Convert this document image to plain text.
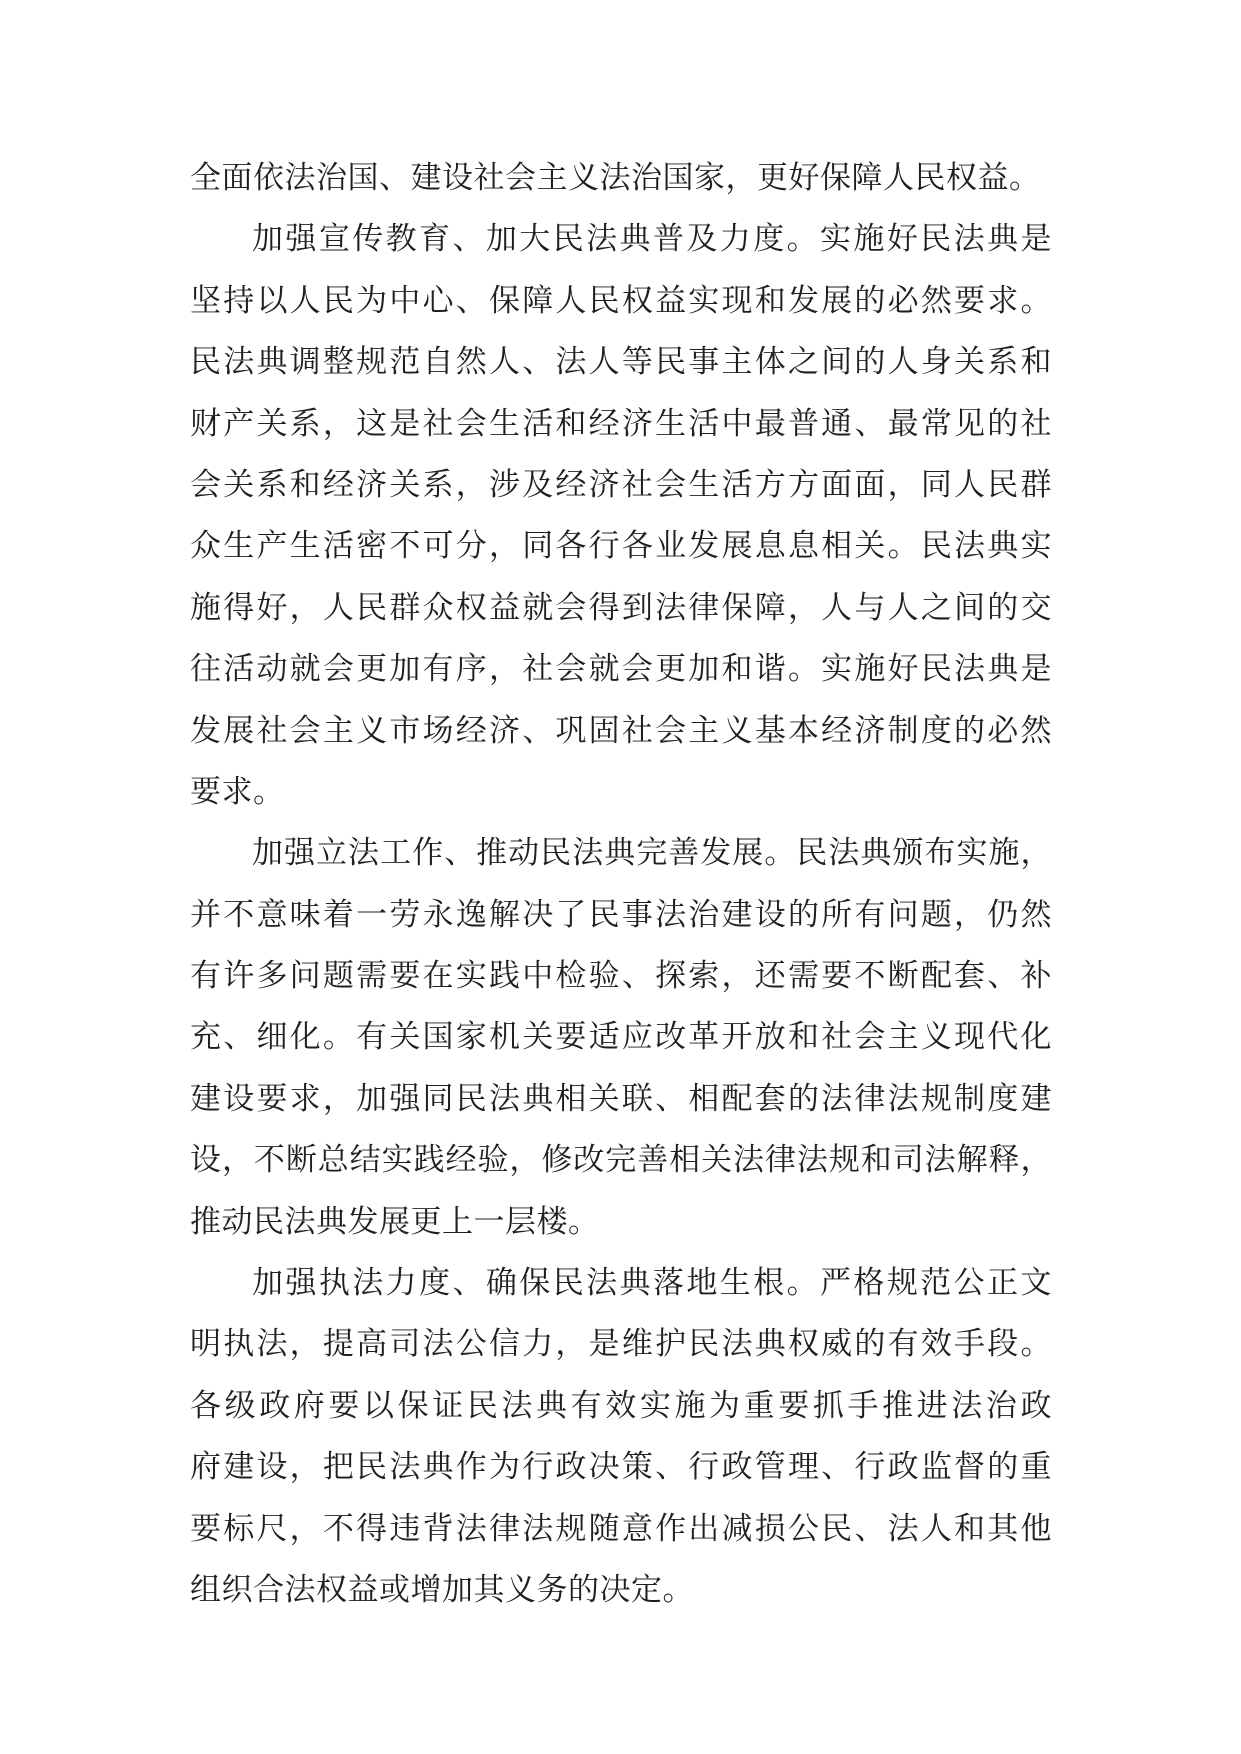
全面依法治国、建设社会主义法治国家，更好保障人民权益。

加强宣传教育、加大民法典普及力度。实施好民法典是
坚持以人民为中心、保障人民权益实现和发展的必然要求。
民法典调整规范自然人、法人等民事主体之间的人身关系和
财产关系，这是社会生活和经济生活中最普通、最常见的社
会关系和经济关系，涉及经济社会生活方方面面，同人民群
众生产生活密不可分，同各行各业发展息息相关。民法典实
施得好，人民群众权益就会得到法律保障，人与人之间的交
往活动就会更加有序，社会就会更加和谐。实施好民法典是
发展社会主义市场经济、巩固社会主义基本经济制度的必然
要求。

加强立法工作、推动民法典完善发展。民法典颁布实施，
并不意味着一劳永逸解决了民事法治建设的所有问题，仍然
有许多问题需要在实践中检验、探索，还需要不断配套、补
充、细化。有关国家机关要适应改革开放和社会主义现代化
建设要求，加强同民法典相关联、相配套的法律法规制度建
设，不断总结实践经验，修改完善相关法律法规和司法解释，
推动民法典发展更上一层楼。

加强执法力度、确保民法典落地生根。严格规范公正文
明执法，提高司法公信力，是维护民法典权威的有效手段。
各级政府要以保证民法典有效实施为重要抓手推进法治政
府建设，把民法典作为行政决策、行政管理、行政监督的重
要标尺，不得违背法律法规随意作出减损公民、法人和其他
组织合法权益或增加其义务的决定。
